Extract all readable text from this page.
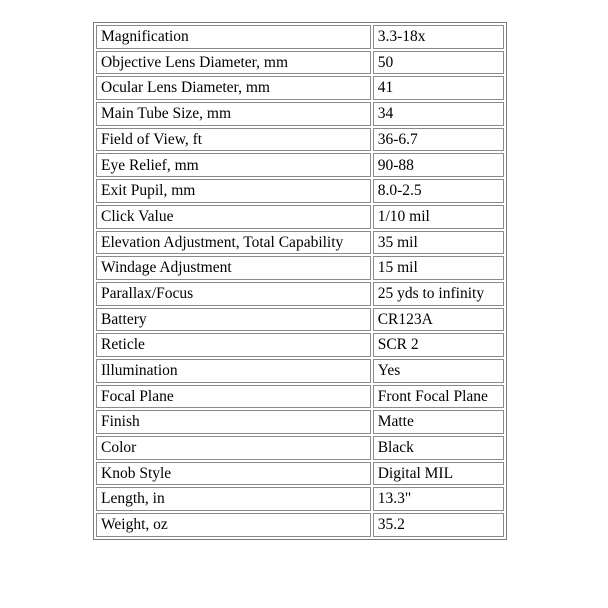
Magnification	3.3-18x
Objective Lens Diameter, mm	50
Ocular Lens Diameter, mm	41
Main Tube Size, mm	34
Field of View, ft	36-6.7
Eye Relief, mm	90-88
Exit Pupil, mm	8.0-2.5
Click Value	1/10 mil
Elevation Adjustment, Total Capability	35 mil
Windage Adjustment	15 mil
Parallax/Focus	25 yds to infinity
Battery	CR123A
Reticle	SCR 2
Illumination	Yes
Focal Plane	Front Focal Plane
Finish	Matte
Color	Black
Knob Style	Digital MIL
Length, in	13.3"
Weight, oz	35.2
